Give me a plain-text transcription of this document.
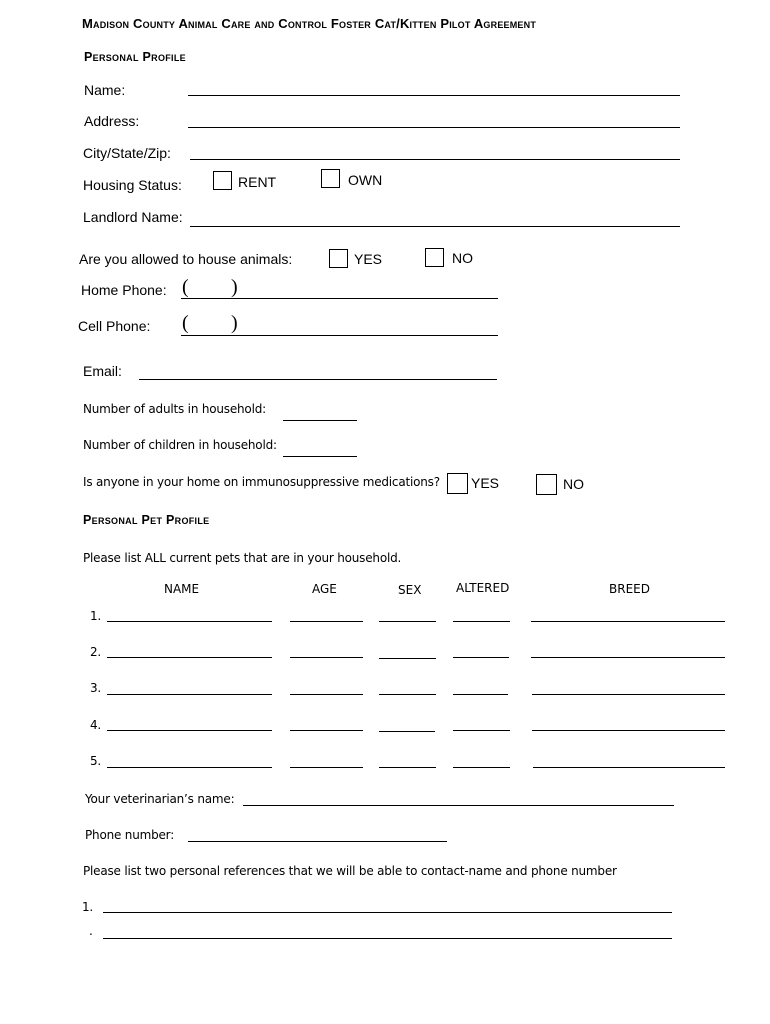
Madison County Animal Care and Control Foster Cat/Kitten Pilot Agreement
Personal Profile
Name:
Address:
City/State/Zip:
Housing Status:	RENT	OWN
Landlord Name:
Are you allowed to house animals:	YES	NO
Home Phone: ( )
Cell Phone: ( )
Email:
Number of adults in household:
Number of children in household:
Is anyone in your home on immunosuppressive medications? YES	NO
Personal Pet Profile
Please list ALL current pets that are in your household.
NAME	AGE	SEX	ALTERED	BREED
1.
2.
3.
4.
5.
Your veterinarian’s name:
Phone number:
Please list two personal references that we will be able to contact-name and phone number
1.
.
